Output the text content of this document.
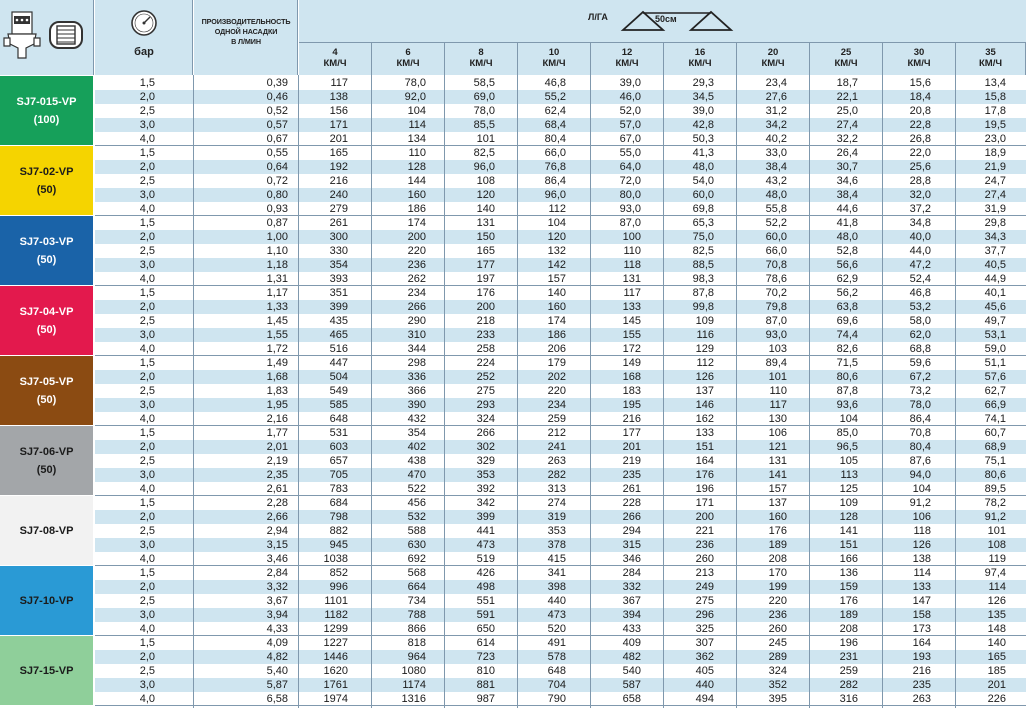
бар
ПРОИЗВОДИТЕЛЬНОСТЬ
ОДНОЙ НАСАДКИ
В Л/МИН
Л/ГА	50см
4
КМ/Ч
6
КМ/Ч
8
КМ/Ч
10
КМ/Ч
12
КМ/Ч
16
КМ/Ч
20
КМ/Ч
25
КМ/Ч
30
КМ/Ч
35
КМ/Ч
SJ7-015-VP
(100)
1,5	0,39	117	78,0	58,5	46,8	39,0	29,3	23,4	18,7	15,6	13,4
2,0	0,46	138	92,0	69,0	55,2	46,0	34,5	27,6	22,1	18,4	15,8
2,5	0,52	156	104	78,0	62,4	52,0	39,0	31,2	25,0	20,8	17,8
3,0	0,57	171	114	85,5	68,4	57,0	42,8	34,2	27,4	22,8	19,5
4,0	0,67	201	134	101	80,4	67,0	50,3	40,2	32,2	26,8	23,0
SJ7-02-VP
(50)
1,5	0,55	165	110	82,5	66,0	55,0	41,3	33,0	26,4	22,0	18,9
2,0	0,64	192	128	96,0	76,8	64,0	48,0	38,4	30,7	25,6	21,9
2,5	0,72	216	144	108	86,4	72,0	54,0	43,2	34,6	28,8	24,7
3,0	0,80	240	160	120	96,0	80,0	60,0	48,0	38,4	32,0	27,4
4,0	0,93	279	186	140	112	93,0	69,8	55,8	44,6	37,2	31,9
SJ7-03-VP
(50)
1,5	0,87	261	174	131	104	87,0	65,3	52,2	41,8	34,8	29,8
2,0	1,00	300	200	150	120	100	75,0	60,0	48,0	40,0	34,3
2,5	1,10	330	220	165	132	110	82,5	66,0	52,8	44,0	37,7
3,0	1,18	354	236	177	142	118	88,5	70,8	56,6	47,2	40,5
4,0	1,31	393	262	197	157	131	98,3	78,6	62,9	52,4	44,9
SJ7-04-VP
(50)
1,5	1,17	351	234	176	140	117	87,8	70,2	56,2	46,8	40,1
2,0	1,33	399	266	200	160	133	99,8	79,8	63,8	53,2	45,6
2,5	1,45	435	290	218	174	145	109	87,0	69,6	58,0	49,7
3,0	1,55	465	310	233	186	155	116	93,0	74,4	62,0	53,1
4,0	1,72	516	344	258	206	172	129	103	82,6	68,8	59,0
SJ7-05-VP
(50)
1,5	1,49	447	298	224	179	149	112	89,4	71,5	59,6	51,1
2,0	1,68	504	336	252	202	168	126	101	80,6	67,2	57,6
2,5	1,83	549	366	275	220	183	137	110	87,8	73,2	62,7
3,0	1,95	585	390	293	234	195	146	117	93,6	78,0	66,9
4,0	2,16	648	432	324	259	216	162	130	104	86,4	74,1
SJ7-06-VP
(50)
1,5	1,77	531	354	266	212	177	133	106	85,0	70,8	60,7
2,0	2,01	603	402	302	241	201	151	121	96,5	80,4	68,9
2,5	2,19	657	438	329	263	219	164	131	105	87,6	75,1
3,0	2,35	705	470	353	282	235	176	141	113	94,0	80,6
4,0	2,61	783	522	392	313	261	196	157	125	104	89,5
SJ7-08-VP
1,5	2,28	684	456	342	274	228	171	137	109	91,2	78,2
2,0	2,66	798	532	399	319	266	200	160	128	106	91,2
2,5	2,94	882	588	441	353	294	221	176	141	118	101
3,0	3,15	945	630	473	378	315	236	189	151	126	108
4,0	3,46	1038	692	519	415	346	260	208	166	138	119
SJ7-10-VP
1,5	2,84	852	568	426	341	284	213	170	136	114	97,4
2,0	3,32	996	664	498	398	332	249	199	159	133	114
2,5	3,67	1101	734	551	440	367	275	220	176	147	126
3,0	3,94	1182	788	591	473	394	296	236	189	158	135
4,0	4,33	1299	866	650	520	433	325	260	208	173	148
SJ7-15-VP
1,5	4,09	1227	818	614	491	409	307	245	196	164	140
2,0	4,82	1446	964	723	578	482	362	289	231	193	165
2,5	5,40	1620	1080	810	648	540	405	324	259	216	185
3,0	5,87	1761	1174	881	704	587	440	352	282	235	201
4,0	6,58	1974	1316	987	790	658	494	395	316	263	226
